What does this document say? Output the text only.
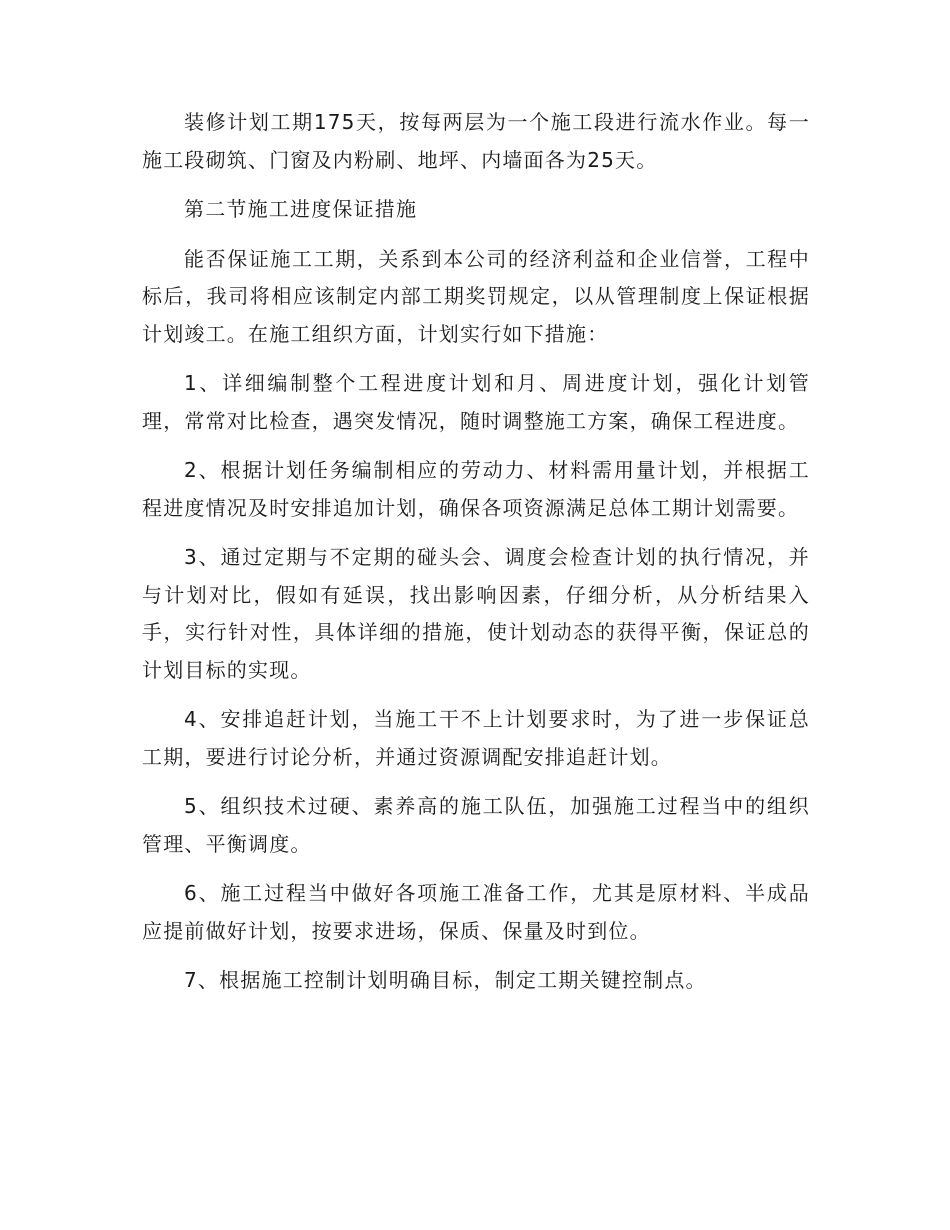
装修计划工期175天，按每两层为一个施工段进行流水作业。每一施工段砌筑、门窗及内粉刷、地坪、内墙面各为25天。

第二节施工进度保证措施

能否保证施工工期，关系到本公司的经济利益和企业信誉，工程中标后，我司将相应该制定内部工期奖罚规定，以从管理制度上保证根据计划竣工。在施工组织方面，计划实行如下措施：

1、详细编制整个工程进度计划和月、周进度计划，强化计划管理，常常对比检查，遇突发情况，随时调整施工方案，确保工程进度。

2、根据计划任务编制相应的劳动力、材料需用量计划，并根据工程进度情况及时安排追加计划，确保各项资源满足总体工期计划需要。

3、通过定期与不定期的碰头会、调度会检查计划的执行情况，并与计划对比，假如有延误，找出影响因素，仔细分析，从分析结果入手，实行针对性，具体详细的措施，使计划动态的获得平衡，保证总的计划目标的实现。

4、安排追赶计划，当施工干不上计划要求时，为了进一步保证总工期，要进行讨论分析，并通过资源调配安排追赶计划。

5、组织技术过硬、素养高的施工队伍，加强施工过程当中的组织管理、平衡调度。

6、施工过程当中做好各项施工准备工作，尤其是原材料、半成品应提前做好计划，按要求进场，保质、保量及时到位。

7、根据施工控制计划明确目标，制定工期关键控制点。
